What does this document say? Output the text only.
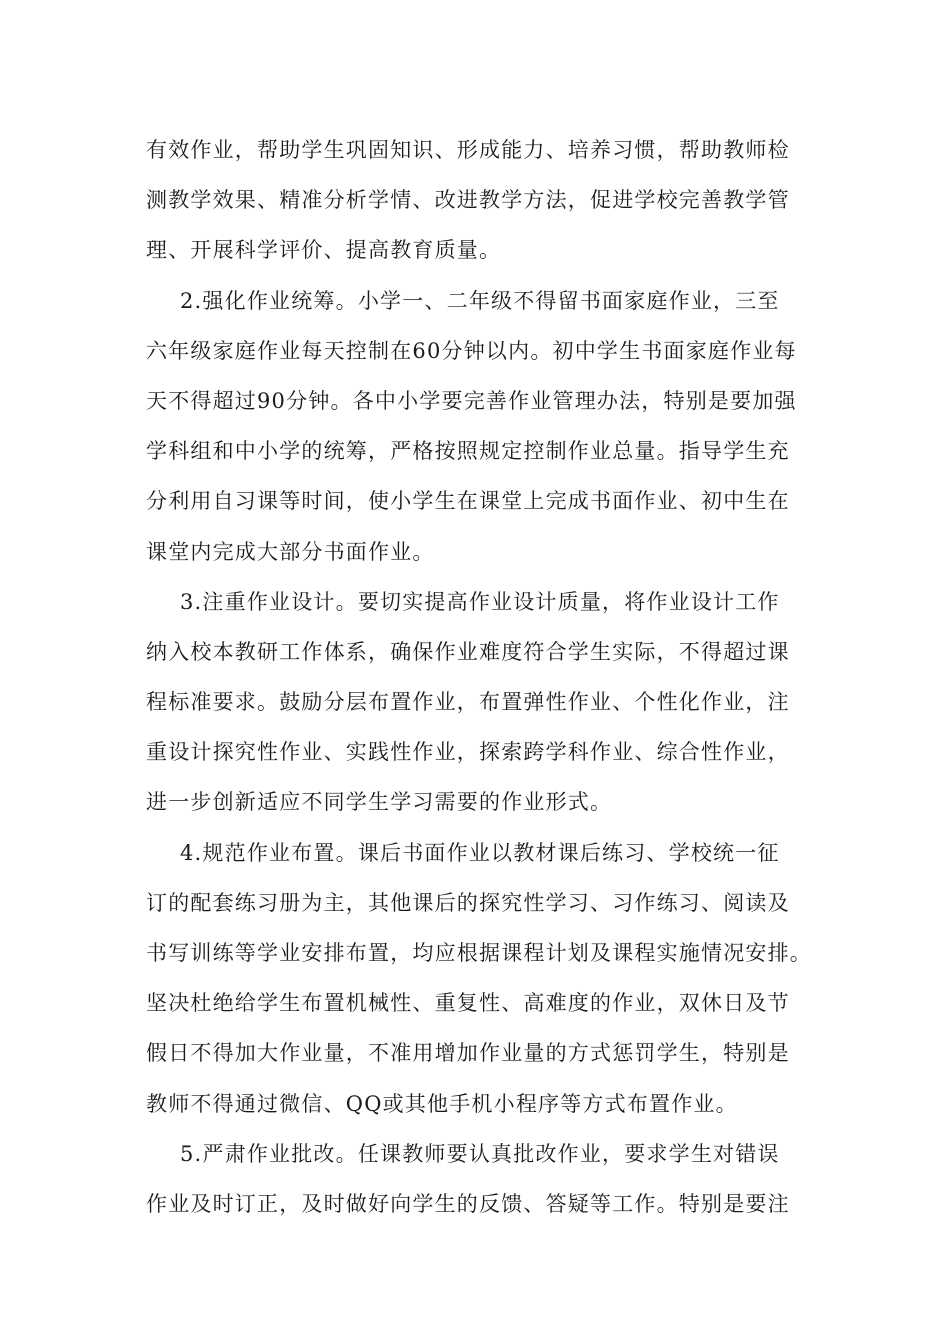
有效作业，帮助学生巩固知识、形成能力、培养习惯，帮助教师检
测教学效果、精准分析学情、改进教学方法，促进学校完善教学管
理、开展科学评价、提高教育质量。
2.强化作业统筹。小学一、二年级不得留书面家庭作业，三至
六年级家庭作业每天控制在60分钟以内。初中学生书面家庭作业每
天不得超过90分钟。各中小学要完善作业管理办法，特别是要加强
学科组和中小学的统筹，严格按照规定控制作业总量。指导学生充
分利用自习课等时间，使小学生在课堂上完成书面作业、初中生在
课堂内完成大部分书面作业。
3.注重作业设计。要切实提高作业设计质量，将作业设计工作
纳入校本教研工作体系，确保作业难度符合学生实际，不得超过课
程标准要求。鼓励分层布置作业，布置弹性作业、个性化作业，注
重设计探究性作业、实践性作业，探索跨学科作业、综合性作业，
进一步创新适应不同学生学习需要的作业形式。
4.规范作业布置。课后书面作业以教材课后练习、学校统一征
订的配套练习册为主，其他课后的探究性学习、习作练习、阅读及
书写训练等学业安排布置，均应根据课程计划及课程实施情况安排。
坚决杜绝给学生布置机械性、重复性、高难度的作业，双休日及节
假日不得加大作业量，不准用增加作业量的方式惩罚学生，特别是
教师不得通过微信、QQ或其他手机小程序等方式布置作业。
5.严肃作业批改。任课教师要认真批改作业，要求学生对错误
作业及时订正，及时做好向学生的反馈、答疑等工作。特别是要注
